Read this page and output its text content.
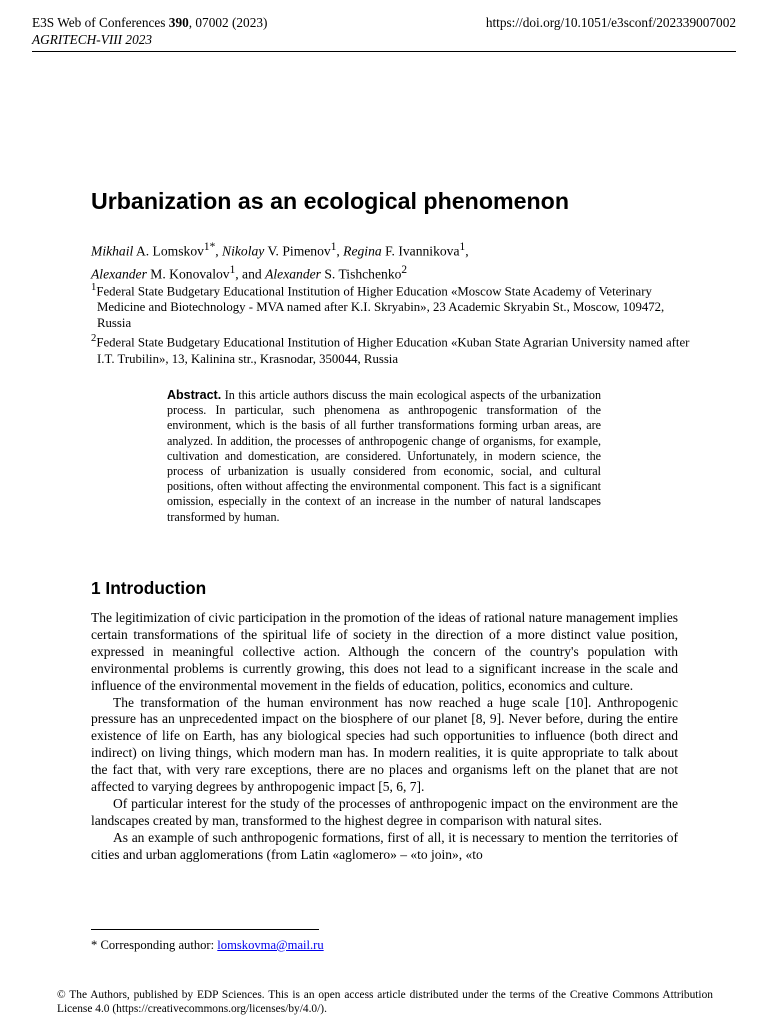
E3S Web of Conferences 390, 07002 (2023)
AGRITECH-VIII 2023
https://doi.org/10.1051/e3sconf/202339007002
Urbanization as an ecological phenomenon
Mikhail A. Lomskov$^{1*}$, Nikolay V. Pimenov$^1$, Regina F. Ivannikova$^1$,
Alexander M. Konovalov$^1$, and Alexander S. Tishchenko$^2$

$^1$Federal State Budgetary Educational Institution of Higher Education «Moscow State Academy of Veterinary Medicine and Biotechnology - MVA named after K.I. Skryabin», 23 Academic Skryabin St., Moscow, 109472, Russia

$^2$Federal State Budgetary Educational Institution of Higher Education «Kuban State Agrarian University named after I.T. Trubilin», 13, Kalinina str., Krasnodar, 350044, Russia

Abstract. In this article authors discuss the main ecological aspects of the urbanization process. In particular, such phenomena as anthropogenic transformation of the environment, which is the basis of all further transformations forming urban areas, are analyzed. In addition, the processes of anthropogenic change of organisms, for example, cultivation and domestication, are considered. Unfortunately, in modern science, the process of urbanization is usually considered from economic, social, and cultural positions, often without affecting the environmental component. This fact is a significant omission, especially in the context of an increase in the number of natural landscapes transformed by human.

1 Introduction

The legitimization of civic participation in the promotion of the ideas of rational nature management implies certain transformations of the spiritual life of society in the direction of a more distinct value position, expressed in meaningful collective action. Although the concern of the country's population with environmental problems is currently growing, this does not lead to a significant increase in the scale and influence of the environmental movement in the fields of education, politics, economics and culture.

The transformation of the human environment has now reached a huge scale [10]. Anthropogenic pressure has an unprecedented impact on the biosphere of our planet [8, 9]. Never before, during the entire existence of life on Earth, has any biological species had such opportunities to influence (both direct and indirect) on living things, which modern man has. In modern realities, it is quite appropriate to talk about the fact that, with very rare exceptions, there are no places and organisms left on the planet that are not affected to varying degrees by anthropogenic impact [5, 6, 7].

Of particular interest for the study of the processes of anthropogenic impact on the environment are the landscapes created by man, transformed to the highest degree in comparison with natural sites.

As an example of such anthropogenic formations, first of all, it is necessary to mention the territories of cities and urban agglomerations (from Latin «aglomero» – «to join», «to

* Corresponding author: lomskovma@mail.ru
© The Authors, published by EDP Sciences. This is an open access article distributed under the terms of the Creative Commons Attribution License 4.0 (https://creativecommons.org/licenses/by/4.0/).
